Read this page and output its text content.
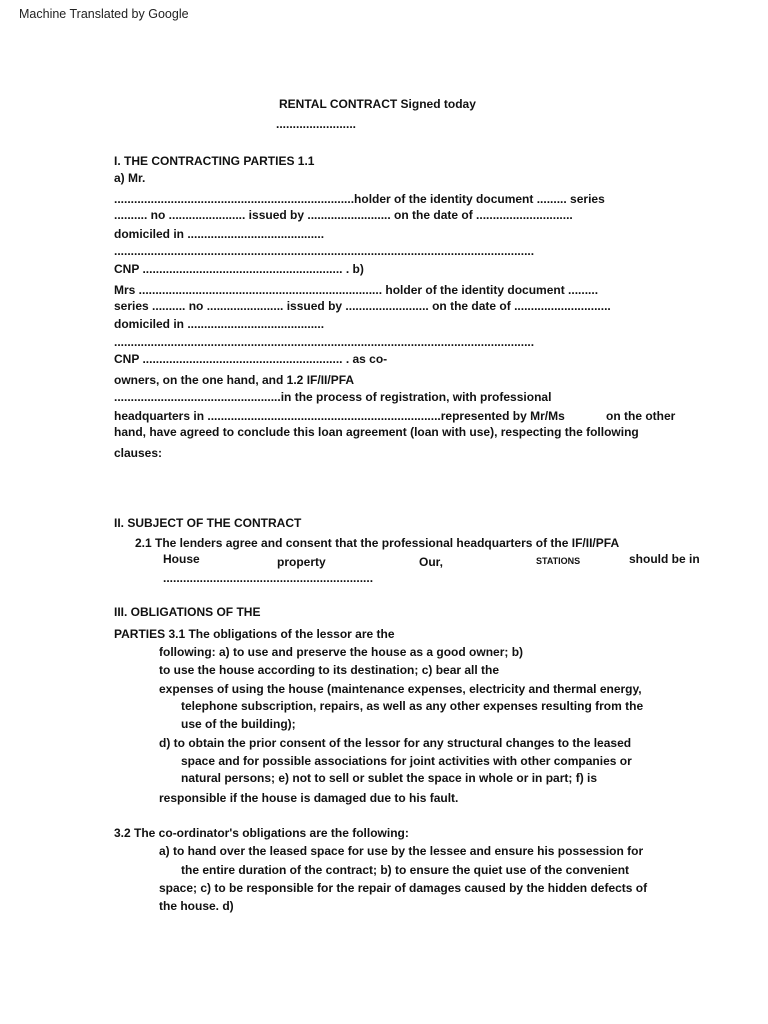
Machine Translated by Google
RENTAL CONTRACT Signed today
........................
I. THE CONTRACTING PARTIES 1.1
a) Mr.
........................................................................holder of the identity document ......... series
.......... no ....................... issued by ......................... on the date of .............................
domiciled in .........................................
..............................................................................................................................
CNP ............................................................ . b)
Mrs ......................................................................... holder of the identity document .........
series .......... no ....................... issued by ......................... on the date of .............................
domiciled in .........................................
..............................................................................................................................
CNP ............................................................ . as co-
owners, on the one hand, and 1.2 IF/II/PFA
..................................................in the process of registration, with professional
headquarters in ......................................................................represented by Mr/Ms	on the other
hand, have agreed to conclude this loan agreement (loan with use), respecting the following
clauses:
II. SUBJECT OF THE CONTRACT
2.1 The lenders agree and consent that the professional headquarters of the IF/II/PFA
House	property	Our,	STATIONS	should be in
...............................................................
III. OBLIGATIONS OF THE
PARTIES 3.1 The obligations of the lessor are the
following: a) to use and preserve the house as a good owner; b)
to use the house according to its destination; c) bear all the
expenses of using the house (maintenance expenses, electricity and thermal energy,
telephone subscription, repairs, as well as any other expenses resulting from the
use of the building);
d) to obtain the prior consent of the lessor for any structural changes to the leased
space and for possible associations for joint activities with other companies or
natural persons; e) not to sell or sublet the space in whole or in part; f) is
responsible if the house is damaged due to his fault.
3.2 The co-ordinator's obligations are the following:
a) to hand over the leased space for use by the lessee and ensure his possession for
the entire duration of the contract; b) to ensure the quiet use of the convenient
space; c) to be responsible for the repair of damages caused by the hidden defects of
the house. d)
